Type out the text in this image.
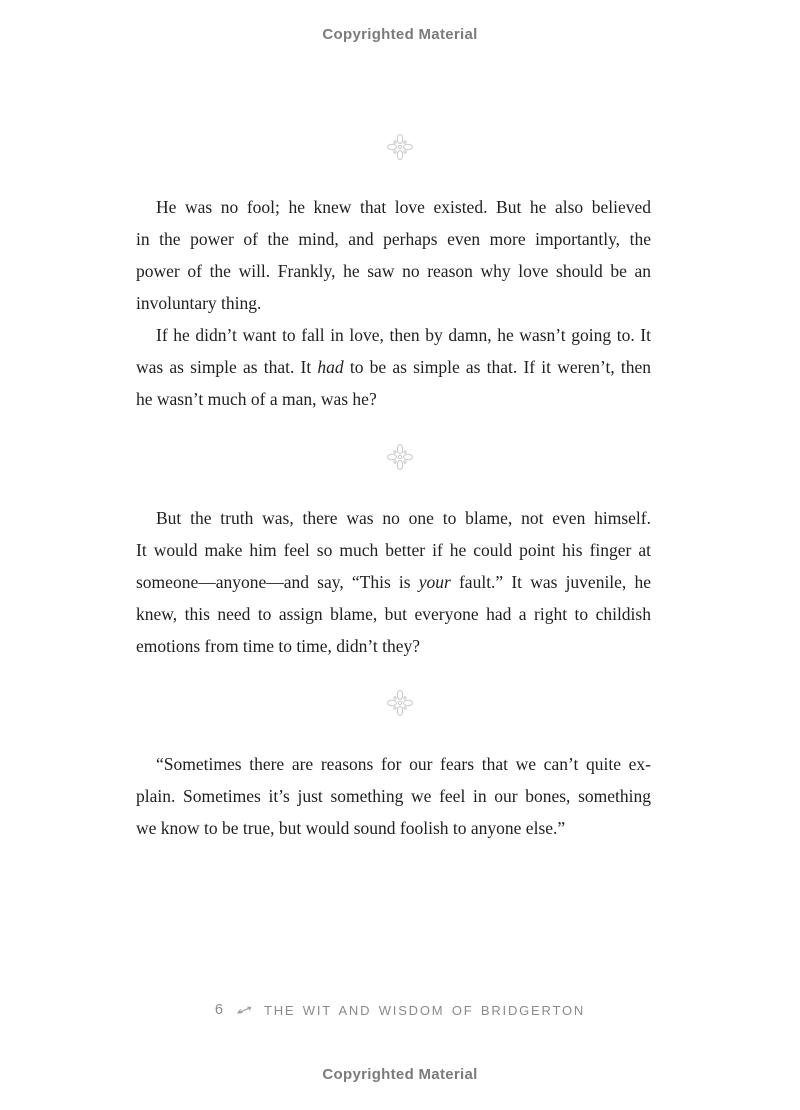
Copyrighted Material
He was no fool; he knew that love existed. But he also believed
in the power of the mind, and perhaps even more importantly, the
power of the will. Frankly, he saw no reason why love should be an
involuntary thing.
If he didn’t want to fall in love, then by damn, he wasn’t going to. It
was as simple as that. It had to be as simple as that. If it weren’t, then
he wasn’t much of a man, was he?
But the truth was, there was no one to blame, not even himself.
It would make him feel so much better if he could point his finger at
someone—anyone—and say, “This is your fault.” It was juvenile, he
knew, this need to assign blame, but everyone had a right to childish
emotions from time to time, didn’t they?
“Sometimes there are reasons for our fears that we can’t quite ex-
plain. Sometimes it’s just something we feel in our bones, something
we know to be true, but would sound foolish to anyone else.”
6	THE WIT AND WISDOM OF BRIDGERTON
Copyrighted Material
